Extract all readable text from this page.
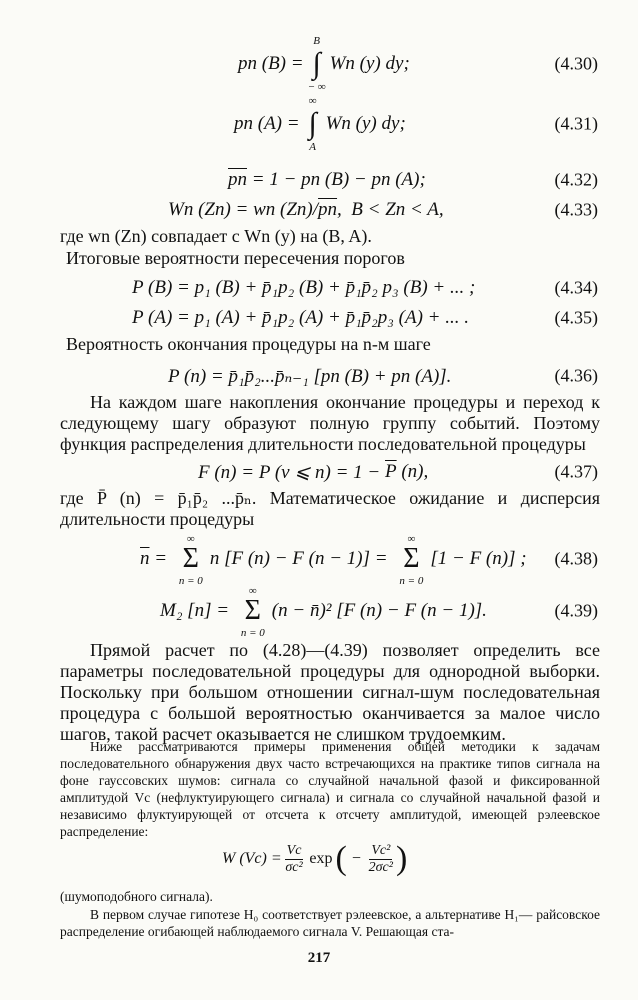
pn (B) =
B
∫
− ∞
Wn (y) dy;	(4.30)
pn (A) =
∞
∫
A
Wn (y) dy;	(4.31)
$\overline{pn} = 1$ − pn (B) − pn (A);	(4.32)
Wn (Zn) = wn (Zn)/ $\overline{pn}$ ,  B < Zn < A,	(4.33)
где wn (Zn) совпадает с Wn (y) на (B, A).
Итоговые вероятности пересечения порогов
P (B) = p₁ (B) + p̄₁p₂ (B) + p̄₁p̄₂ p₃ (B) + ... ;	(4.34)
P (A) = p₁ (A) + p̄₁p₂ (A) + p̄₁p̄₂p₃ (A) + ... .	(4.35)
Вероятность окончания процедуры на n-м шаге
P (n) = p̄₁p̄₂...p̄ₙ₋₁ [pn (B) + pn (A)].	(4.36)
На каждом шаге накопления окончание процедуры и переход к следующему шагу образуют полную группу событий. Поэтому функция распределения длительности последовательной процедуры
F (n) = P (ν ⩽ $n) = 1 - \overline{P}$ (n),	(4.37)
где P̄ (n) = p̄₁p̄₂ ...p̄ₙ. Математическое ожидание и дисперсия длительности процедуры
$\overline{n}$ =
∞
Σ
n = 0
n [F (n) − F (n − 1)] =
∞
Σ
n = 0
[1 − F (n)] ; (4.38)
M₂ [n] =
∞
Σ
n = 0
(n − n̄)² [F (n) − F (n − 1)].	(4.39)
Прямой расчет по (4.28)—(4.39) позволяет определить все параметры последовательной процедуры для однородной выборки. Поскольку при большом отношении сигнал-шум последовательная процедура с большой вероятностью оканчивается за малое число шагов, такой расчет оказывается не слишком трудоемким.
Ниже рассматриваются примеры применения общей методики к задачам последовательного обнаружения двух часто встречающихся на практике типов сигнала на фоне гауссовских шумов: сигнала со случайной начальной фазой и фиксированной амплитудой Vc (нефлуктуирующего сигнала) и сигнала со случайной начальной фазой и независимо флуктуирующей от отсчета к отсчету амплитудой, имеющей рэлеевское распределение:
W $(Vc) = \frac{Vc}{\text{σc²}}$ exp ( − $\frac{\text{Vc²}}{\text{2σc²}}$ )
(шумоподобного сигнала).
В первом случае гипотезе H₀ соответствует рэлеевское, а альтернативе H₁— райсовское распределение огибающей наблюдаемого сигнала V. Решающая ста-
217
